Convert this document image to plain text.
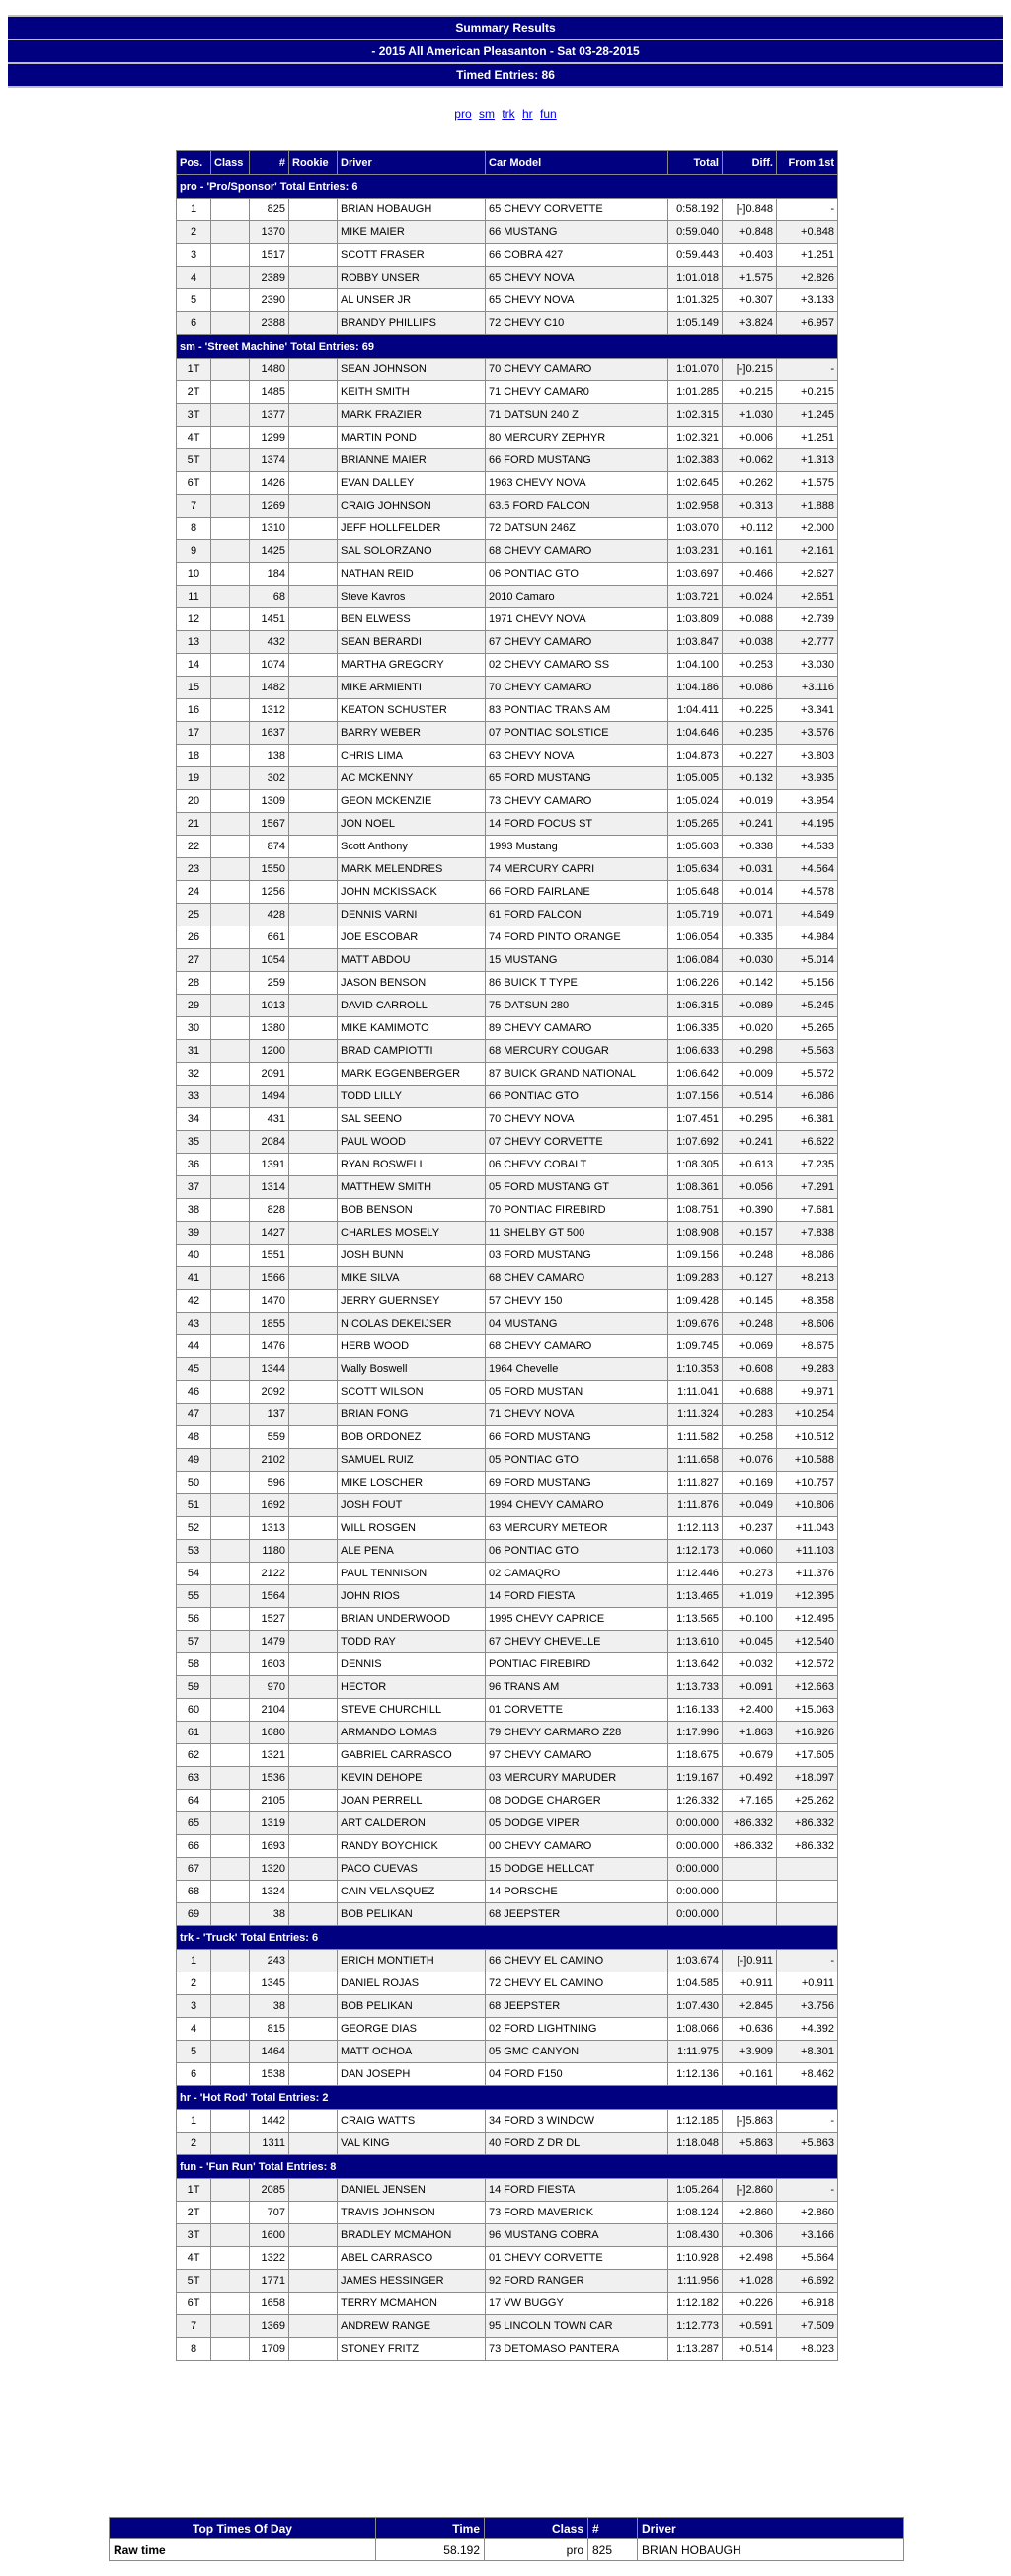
Summary Results
- 2015 All American Pleasanton - Sat 03-28-2015
Timed Entries: 86
pro sm trk hr fun
Pos.	Class	#	Rookie	Driver	Car Model	Total	Diff.	From 1st
pro - 'Pro/Sponsor' Total Entries: 6								
1		825		BRIAN HOBAUGH	65 CHEVY CORVETTE	0:58.192	[-]0.848	-
2		1370		MIKE MAIER	66 MUSTANG	0:59.040	+0.848	+0.848
3		1517		SCOTT FRASER	66 COBRA 427	0:59.443	+0.403	+1.251
4		2389		ROBBY UNSER	65 CHEVY NOVA	1:01.018	+1.575	+2.826
5		2390		AL UNSER JR	65 CHEVY NOVA	1:01.325	+0.307	+3.133
6		2388		BRANDY PHILLIPS	72 CHEVY C10	1:05.149	+3.824	+6.957
sm - 'Street Machine' Total Entries: 69								
1T		1480		SEAN JOHNSON	70 CHEVY CAMARO	1:01.070	[-]0.215	-
2T		1485		KEITH SMITH	71 CHEVY CAMAR0	1:01.285	+0.215	+0.215
3T		1377		MARK FRAZIER	71 DATSUN 240 Z	1:02.315	+1.030	+1.245
4T		1299		MARTIN POND	80 MERCURY ZEPHYR	1:02.321	+0.006	+1.251
5T		1374		BRIANNE MAIER	66 FORD MUSTANG	1:02.383	+0.062	+1.313
6T		1426		EVAN DALLEY	1963 CHEVY NOVA	1:02.645	+0.262	+1.575
7		1269		CRAIG JOHNSON	63.5 FORD FALCON	1:02.958	+0.313	+1.888
8		1310		JEFF HOLLFELDER	72 DATSUN 246Z	1:03.070	+0.112	+2.000
9		1425		SAL SOLORZANO	68 CHEVY CAMARO	1:03.231	+0.161	+2.161
10		184		NATHAN REID	06 PONTIAC GTO	1:03.697	+0.466	+2.627
11		68		Steve Kavros	2010 Camaro	1:03.721	+0.024	+2.651
12		1451		BEN ELWESS	1971 CHEVY NOVA	1:03.809	+0.088	+2.739
13		432		SEAN BERARDI	67 CHEVY CAMARO	1:03.847	+0.038	+2.777
14		1074		MARTHA GREGORY	02 CHEVY CAMARO SS	1:04.100	+0.253	+3.030
15		1482		MIKE ARMIENTI	70 CHEVY CAMARO	1:04.186	+0.086	+3.116
16		1312		KEATON SCHUSTER	83 PONTIAC TRANS AM	1:04.411	+0.225	+3.341
17		1637		BARRY WEBER	07 PONTIAC SOLSTICE	1:04.646	+0.235	+3.576
18		138		CHRIS LIMA	63 CHEVY NOVA	1:04.873	+0.227	+3.803
19		302		AC MCKENNY	65 FORD MUSTANG	1:05.005	+0.132	+3.935
20		1309		GEON MCKENZIE	73 CHEVY CAMARO	1:05.024	+0.019	+3.954
21		1567		JON NOEL	14 FORD FOCUS ST	1:05.265	+0.241	+4.195
22		874		Scott Anthony	1993 Mustang	1:05.603	+0.338	+4.533
23		1550		MARK MELENDRES	74 MERCURY CAPRI	1:05.634	+0.031	+4.564
24		1256		JOHN MCKISSACK	66 FORD FAIRLANE	1:05.648	+0.014	+4.578
25		428		DENNIS VARNI	61 FORD FALCON	1:05.719	+0.071	+4.649
26		661		JOE ESCOBAR	74 FORD PINTO ORANGE	1:06.054	+0.335	+4.984
27		1054		MATT ABDOU	15 MUSTANG	1:06.084	+0.030	+5.014
28		259		JASON BENSON	86 BUICK T TYPE	1:06.226	+0.142	+5.156
29		1013		DAVID CARROLL	75 DATSUN 280	1:06.315	+0.089	+5.245
30		1380		MIKE KAMIMOTO	89 CHEVY CAMARO	1:06.335	+0.020	+5.265
31		1200		BRAD CAMPIOTTI	68 MERCURY COUGAR	1:06.633	+0.298	+5.563
32		2091		MARK EGGENBERGER	87 BUICK GRAND NATIONAL	1:06.642	+0.009	+5.572
33		1494		TODD LILLY	66 PONTIAC GTO	1:07.156	+0.514	+6.086
34		431		SAL SEENO	70 CHEVY NOVA	1:07.451	+0.295	+6.381
35		2084		PAUL WOOD	07 CHEVY CORVETTE	1:07.692	+0.241	+6.622
36		1391		RYAN BOSWELL	06 CHEVY COBALT	1:08.305	+0.613	+7.235
37		1314		MATTHEW SMITH	05 FORD MUSTANG GT	1:08.361	+0.056	+7.291
38		828		BOB BENSON	70 PONTIAC FIREBIRD	1:08.751	+0.390	+7.681
39		1427		CHARLES MOSELY	11 SHELBY GT 500	1:08.908	+0.157	+7.838
40		1551		JOSH BUNN	03 FORD MUSTANG	1:09.156	+0.248	+8.086
41		1566		MIKE SILVA	68 CHEV CAMARO	1:09.283	+0.127	+8.213
42		1470		JERRY GUERNSEY	57 CHEVY 150	1:09.428	+0.145	+8.358
43		1855		NICOLAS DEKEIJSER	04 MUSTANG	1:09.676	+0.248	+8.606
44		1476		HERB WOOD	68 CHEVY CAMARO	1:09.745	+0.069	+8.675
45		1344		Wally Boswell	1964 Chevelle	1:10.353	+0.608	+9.283
46		2092		SCOTT WILSON	05 FORD MUSTAN	1:11.041	+0.688	+9.971
47		137		BRIAN FONG	71 CHEVY NOVA	1:11.324	+0.283	+10.254
48		559		BOB ORDONEZ	66 FORD MUSTANG	1:11.582	+0.258	+10.512
49		2102		SAMUEL RUIZ	05 PONTIAC GTO	1:11.658	+0.076	+10.588
50		596		MIKE LOSCHER	69 FORD MUSTANG	1:11.827	+0.169	+10.757
51		1692		JOSH FOUT	1994 CHEVY CAMARO	1:11.876	+0.049	+10.806
52		1313		WILL ROSGEN	63 MERCURY METEOR	1:12.113	+0.237	+11.043
53		1180		ALE PENA	06 PONTIAC GTO	1:12.173	+0.060	+11.103
54		2122		PAUL TENNISON	02 CAMAQRO	1:12.446	+0.273	+11.376
55		1564		JOHN RIOS	14 FORD FIESTA	1:13.465	+1.019	+12.395
56		1527		BRIAN UNDERWOOD	1995 CHEVY CAPRICE	1:13.565	+0.100	+12.495
57		1479		TODD RAY	67 CHEVY CHEVELLE	1:13.610	+0.045	+12.540
58		1603		DENNIS	PONTIAC FIREBIRD	1:13.642	+0.032	+12.572
59		970		HECTOR	96 TRANS AM	1:13.733	+0.091	+12.663
60		2104		STEVE CHURCHILL	01 CORVETTE	1:16.133	+2.400	+15.063
61		1680		ARMANDO LOMAS	79 CHEVY CARMARO Z28	1:17.996	+1.863	+16.926
62		1321		GABRIEL CARRASCO	97 CHEVY CAMARO	1:18.675	+0.679	+17.605
63		1536		KEVIN DEHOPE	03 MERCURY MARUDER	1:19.167	+0.492	+18.097
64		2105		JOAN PERRELL	08 DODGE CHARGER	1:26.332	+7.165	+25.262
65		1319		ART CALDERON	05 DODGE VIPER	0:00.000	+86.332	+86.332
66		1693		RANDY BOYCHICK	00 CHEVY CAMARO	0:00.000	+86.332	+86.332
67		1320		PACO CUEVAS	15 DODGE HELLCAT	0:00.000		
68		1324		CAIN VELASQUEZ	14 PORSCHE	0:00.000		
69		38		BOB PELIKAN	68 JEEPSTER	0:00.000		
trk - 'Truck' Total Entries: 6								
1		243		ERICH MONTIETH	66 CHEVY EL CAMINO	1:03.674	[-]0.911	-
2		1345		DANIEL ROJAS	72 CHEVY EL CAMINO	1:04.585	+0.911	+0.911
3		38		BOB PELIKAN	68 JEEPSTER	1:07.430	+2.845	+3.756
4		815		GEORGE DIAS	02 FORD LIGHTNING	1:08.066	+0.636	+4.392
5		1464		MATT OCHOA	05 GMC CANYON	1:11.975	+3.909	+8.301
6		1538		DAN JOSEPH	04 FORD F150	1:12.136	+0.161	+8.462
hr - 'Hot Rod' Total Entries: 2								
1		1442		CRAIG WATTS	34 FORD 3 WINDOW	1:12.185	[-]5.863	-
2		1311		VAL KING	40 FORD Z DR DL	1:18.048	+5.863	+5.863
fun - 'Fun Run' Total Entries: 8								
1T		2085		DANIEL JENSEN	14 FORD FIESTA	1:05.264	[-]2.860	-
2T		707		TRAVIS JOHNSON	73 FORD MAVERICK	1:08.124	+2.860	+2.860
3T		1600		BRADLEY MCMAHON	96 MUSTANG COBRA	1:08.430	+0.306	+3.166
4T		1322		ABEL CARRASCO	01 CHEVY CORVETTE	1:10.928	+2.498	+5.664
5T		1771		JAMES HESSINGER	92 FORD RANGER	1:11.956	+1.028	+6.692
6T		1658		TERRY MCMAHON	17 VW BUGGY	1:12.182	+0.226	+6.918
7		1369		ANDREW RANGE	95 LINCOLN TOWN CAR	1:12.773	+0.591	+7.509
8		1709		STONEY FRITZ	73 DETOMASO PANTERA	1:13.287	+0.514	+8.023
Top Times Of Day	Time	Class	#	Driver
Raw time	58.192	pro	825	BRIAN HOBAUGH
